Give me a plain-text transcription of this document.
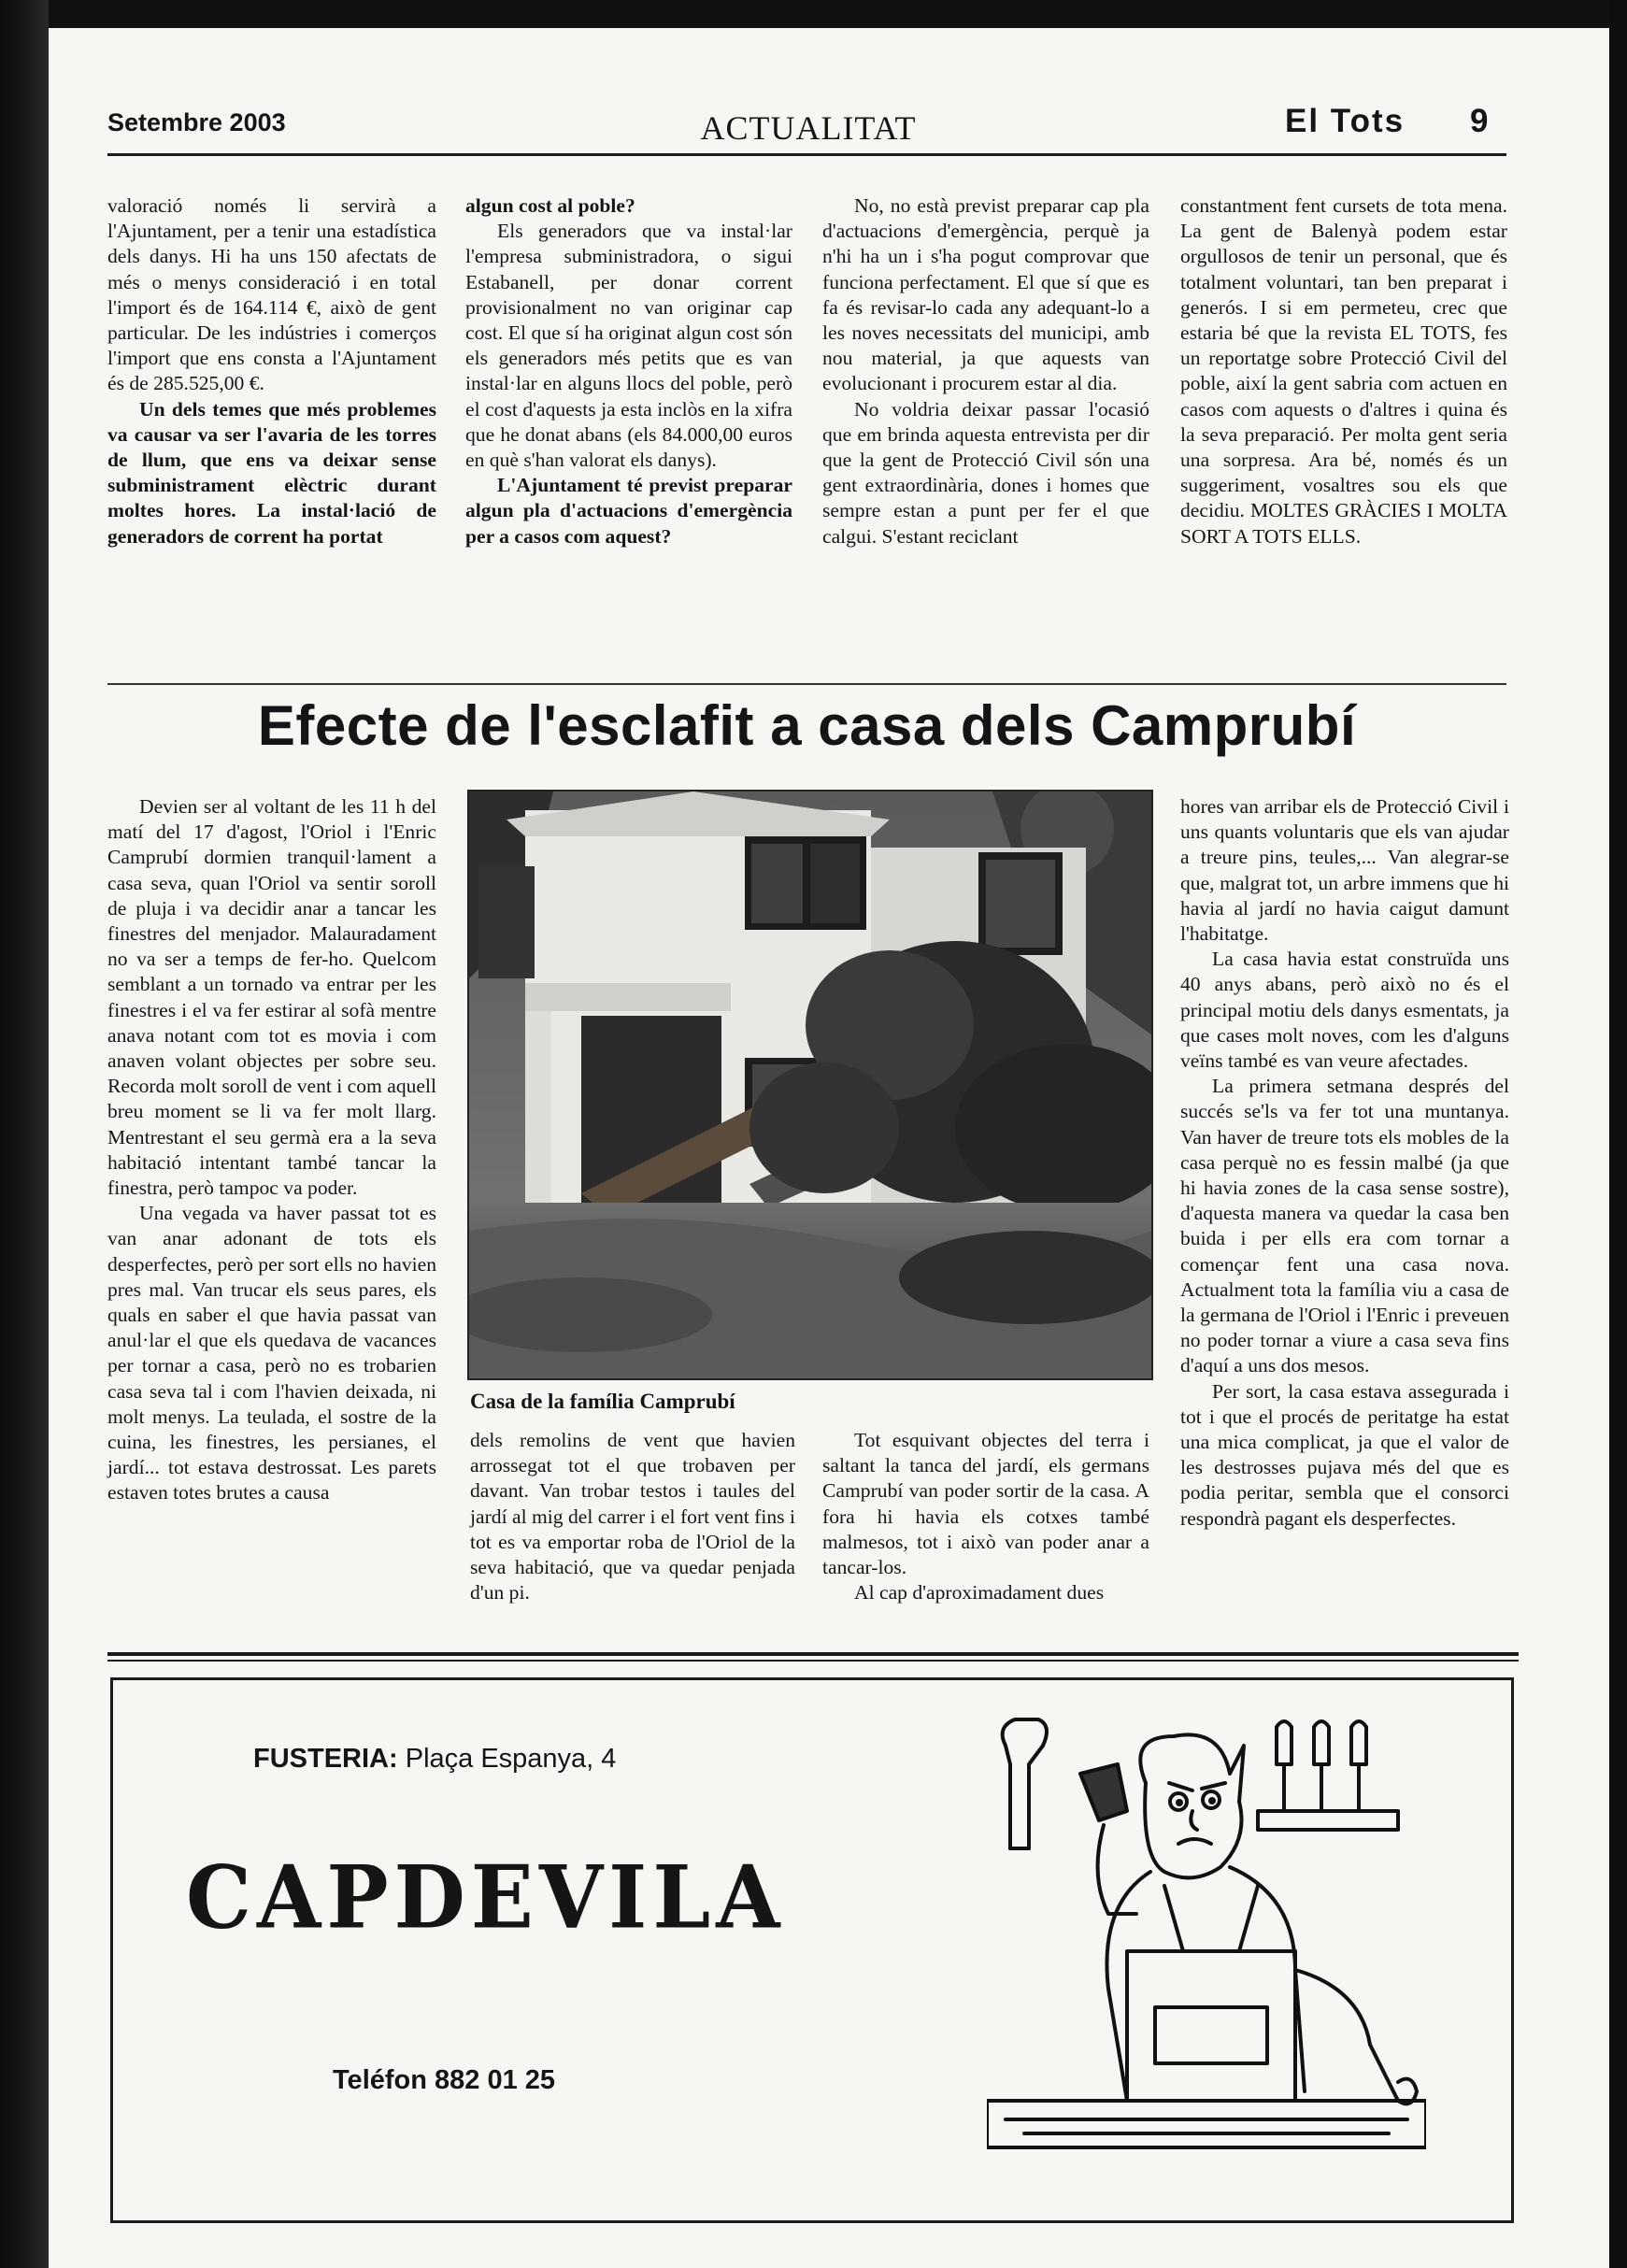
Setembre 2003	ACTUALITAT	El Tots 9

valoració només li servirà a l'Ajuntament, per a tenir una estadística dels danys. Hi ha uns 150 afectats de més o menys consideració i en total l'import és de 164.114 €, això de gent particular. De les indústries i comerços l'import que ens consta a l'Ajuntament és de 285.525,00 €.

Un dels temes que més problemes va causar va ser l'avaria de les torres de llum, que ens va deixar sense subministrament elèctric durant moltes hores. La instal·lació de generadors de corrent ha portat

algun cost al poble?

Els generadors que va instal·lar l'empresa subministradora, o sigui Estabanell, per donar corrent provisionalment no van originar cap cost. El que sí ha originat algun cost són els generadors més petits que es van instal·lar en alguns llocs del poble, però el cost d'aquests ja esta inclòs en la xifra que he donat abans (els 84.000,00 euros en què s'han valorat els danys).

L'Ajuntament té previst preparar algun pla d'actuacions d'emergència per a casos com aquest?

No, no està previst preparar cap pla d'actuacions d'emergència, perquè ja n'hi ha un i s'ha pogut comprovar que funciona perfectament. El que sí que es fa és revisar-lo cada any adequant-lo a les noves necessitats del municipi, amb nou material, ja que aquests van evolucionant i procurem estar al dia.

No voldria deixar passar l'ocasió que em brinda aquesta entrevista per dir que la gent de Protecció Civil són una gent extraordinària, dones i homes que sempre estan a punt per fer el que calgui. S'estant reciclant

constantment fent cursets de tota mena. La gent de Balenyà podem estar orgullosos de tenir un personal, que és totalment voluntari, tan ben preparat i generós. I si em permeteu, crec que estaria bé que la revista EL TOTS, fes un reportatge sobre Protecció Civil del poble, així la gent sabria com actuen en casos com aquests o d'altres i quina és la seva preparació. Per molta gent seria una sorpresa. Ara bé, només és un suggeriment, vosaltres sou els que decidiu. MOLTES GRÀCIES I MOLTA SORT A TOTS ELLS.

Efecte de l'esclafit a casa dels Camprubí

Devien ser al voltant de les 11 h del matí del 17 d'agost, l'Oriol i l'Enric Camprubí dormien tranquil·lament a casa seva, quan l'Oriol va sentir soroll de pluja i va decidir anar a tancar les finestres del menjador. Malauradament no va ser a temps de fer-ho. Quelcom semblant a un tornado va entrar per les finestres i el va fer estirar al sofà mentre anava notant com tot es movia i com anaven volant objectes per sobre seu. Recorda molt soroll de vent i com aquell breu moment se li va fer molt llarg. Mentrestant el seu germà era a la seva habitació intentant també tancar la finestra, però tampoc va poder.

Una vegada va haver passat tot es van anar adonant de tots els desperfectes, però per sort ells no havien pres mal. Van trucar els seus pares, els quals en saber el que havia passat van anul·lar el que els quedava de vacances per tornar a casa, però no es trobarien casa seva tal i com l'havien deixada, ni molt menys. La teulada, el sostre de la cuina, les finestres, les persianes, el jardí... tot estava destrossat. Les parets estaven totes brutes a causa

Casa de la família Camprubí

dels remolins de vent que havien arrossegat tot el que trobaven per davant. Van trobar testos i taules del jardí al mig del carrer i el fort vent fins i tot es va emportar roba de l'Oriol de la seva habitació, que va quedar penjada d'un pi.

Tot esquivant objectes del terra i saltant la tanca del jardí, els germans Camprubí van poder sortir de la casa. A fora hi havia els cotxes també malmesos, tot i això van poder anar a tancar-los.

Al cap d'aproximadament dues

hores van arribar els de Protecció Civil i uns quants voluntaris que els van ajudar a treure pins, teules,... Van alegrar-se que, malgrat tot, un arbre immens que hi havia al jardí no havia caigut damunt l'habitatge.

La casa havia estat construïda uns 40 anys abans, però això no és el principal motiu dels danys esmentats, ja que cases molt noves, com les d'alguns veïns també es van veure afectades.

La primera setmana després del succés se'ls va fer tot una muntanya. Van haver de treure tots els mobles de la casa perquè no es fessin malbé (ja que hi havia zones de la casa sense sostre), d'aquesta manera va quedar la casa ben buida i per ells era com tornar a començar fent una casa nova. Actualment tota la família viu a casa de la germana de l'Oriol i l'Enric i preveuen no poder tornar a viure a casa seva fins d'aquí a uns dos mesos.

Per sort, la casa estava assegurada i tot i que el procés de peritatge ha estat una mica complicat, ja que el valor de les destrosses pujava més del que es podia peritar, sembla que el consorci respondrà pagant els desperfectes.

FUSTERIA: Plaça Espanya, 4
CAPDEVILA
Teléfon 882 01 25
